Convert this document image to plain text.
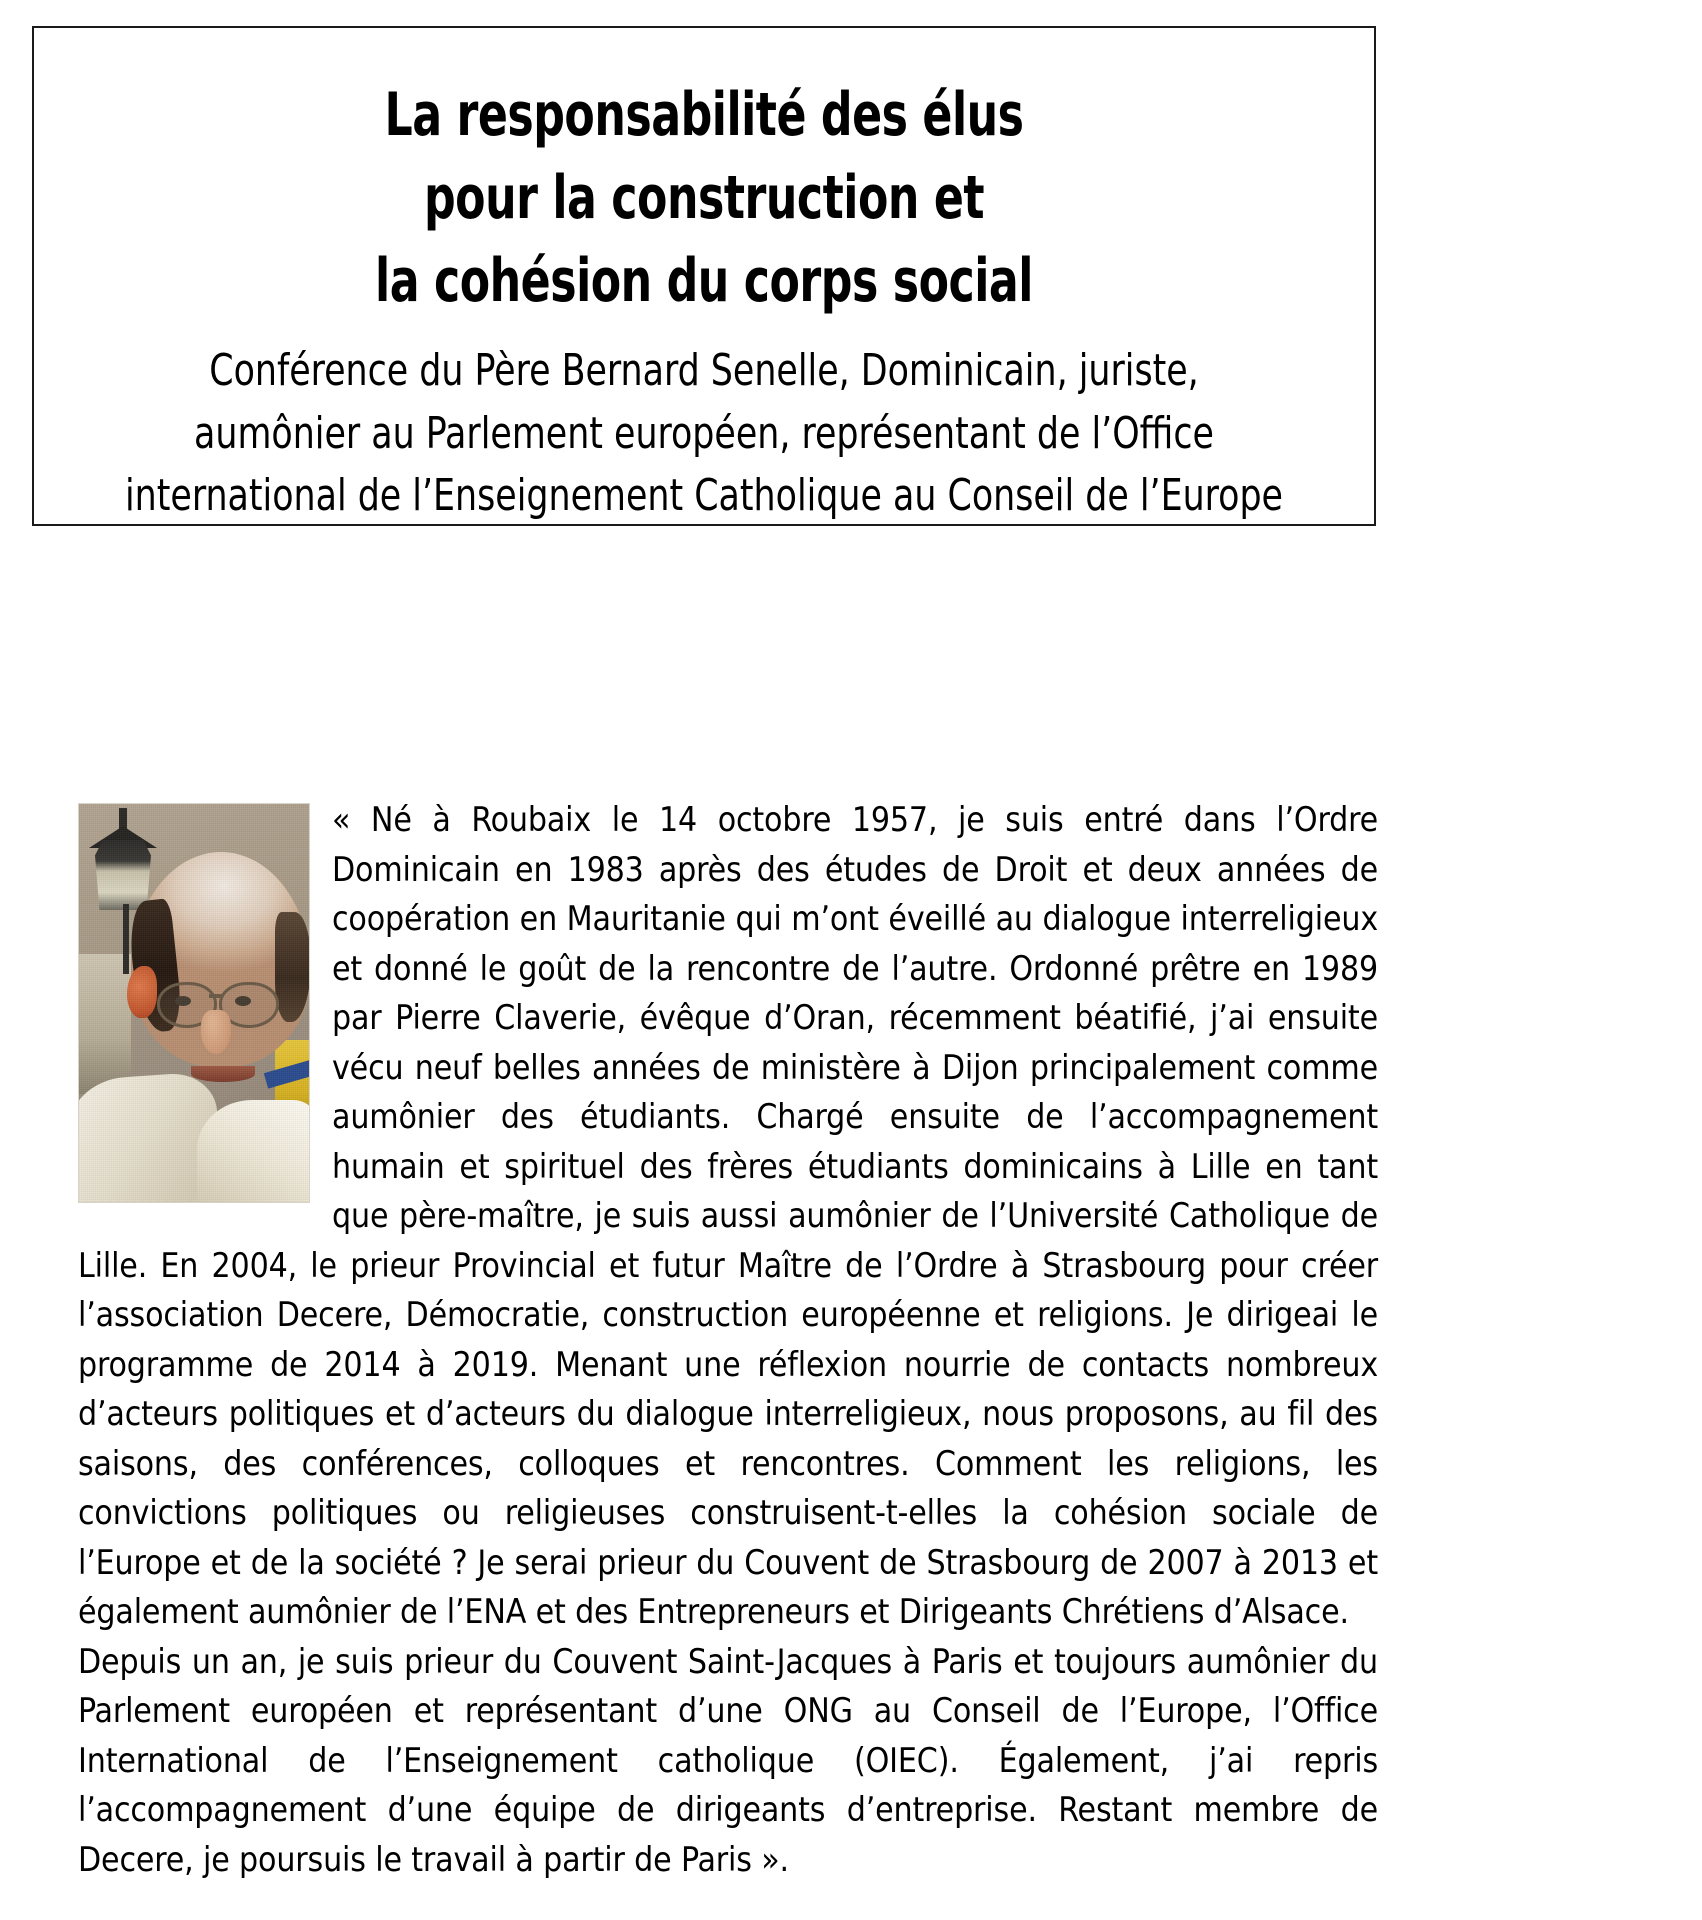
La responsabilité des élus
pour la construction et
la cohésion du corps social
Conférence du Père Bernard Senelle, Dominicain, juriste,
aumônier au Parlement européen, représentant de l’Office
international de l’Enseignement Catholique au Conseil de l’Europe
« Né à Roubaix le 14 octobre 1957, je suis entré dans l’Ordre Dominicain en 1983 après des études de Droit et deux années de coopération en Mauritanie qui m’ont éveillé au dialogue interreligieux et donné le goût de la rencontre de l’autre. Ordonné prêtre en 1989 par Pierre Claverie, évêque d’Oran, récemment béatifié, j’ai ensuite vécu neuf belles années de ministère à Dijon principalement comme aumônier des étudiants. Chargé ensuite de l’accompagnement humain et spirituel des frères étudiants dominicains à Lille en tant que père-maître, je suis aussi aumônier de l’Université Catholique de Lille. En 2004, le prieur Provincial et futur Maître de l’Ordre à Strasbourg pour créer l’association Decere, Démocratie, construction européenne et religions. Je dirigeai le programme de 2014 à 2019. Menant une réflexion nourrie de contacts nombreux d’acteurs politiques et d’acteurs du dialogue interreligieux, nous proposons, au fil des saisons, des conférences, colloques et rencontres. Comment les religions, les convictions politiques ou religieuses construisent-t-elles la cohésion sociale de l’Europe et de la société ? Je serai prieur du Couvent de Strasbourg de 2007 à 2013 et également aumônier de l’ENA et des Entrepreneurs et Dirigeants Chrétiens d’Alsace.
Depuis un an, je suis prieur du Couvent Saint-Jacques à Paris et toujours aumônier du Parlement européen et représentant d’une ONG au Conseil de l’Europe, l’Office International de l’Enseignement catholique (OIEC). Également, j’ai repris l’accompagnement d’une équipe de dirigeants d’entreprise. Restant membre de Decere, je poursuis le travail à partir de Paris ».
